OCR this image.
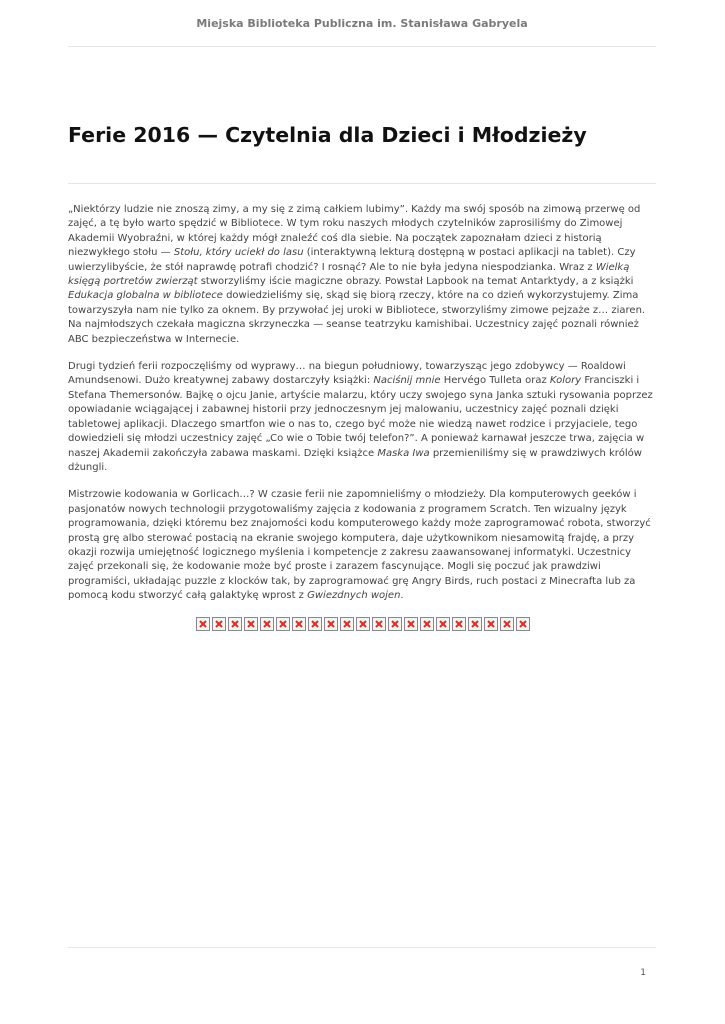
Miejska Biblioteka Publiczna im. Stanisława Gabryela
Ferie 2016 — Czytelnia dla Dzieci i Młodzieży

„Niektórzy ludzie nie znoszą zimy, a my się z zimą całkiem lubimy”. Każdy ma swój sposób na zimową przerwę od zajęć, a tę było warto spędzić w Bibliotece. W tym roku naszych młodych czytelników zaprosiliśmy do Zimowej Akademii Wyobraźni, w której każdy mógł znaleźć coś dla siebie. Na początek zapoznałam dzieci z historią niezwykłego stołu — Stołu, który uciekł do lasu (interaktywną lekturą dostępną w postaci aplikacji na tablet). Czy uwierzylibyście, że stół naprawdę potrafi chodzić? I rosnąć? Ale to nie była jedyna niespodzianka. Wraz z Wielką księgą portretów zwierząt stworzyliśmy iście magiczne obrazy. Powstał Lapbook na temat Antarktydy, a z książki Edukacja globalna w bibliotece dowiedzieliśmy się, skąd się biorą rzeczy, które na co dzień wykorzystujemy. Zima towarzyszyła nam nie tylko za oknem. By przywołać jej uroki w Bibliotece, stworzyliśmy zimowe pejzaże z… ziaren. Na najmłodszych czekała magiczna skrzyneczka — seanse teatrzyku kamishibai. Uczestnicy zajęć poznali również ABC bezpieczeństwa w Internecie.

Drugi tydzień ferii rozpoczęliśmy od wyprawy… na biegun południowy, towarzysząc jego zdobywcy — Roaldowi Amundsenowi. Dużo kreatywnej zabawy dostarczyły książki: Naciśnij mnie Hervégo Tulleta oraz Kolory Franciszki i Stefana Themersonów. Bajkę o ojcu Janie, artyście malarzu, który uczy swojego syna Janka sztuki rysowania poprzez opowiadanie wciągającej i zabawnej historii przy jednoczesnym jej malowaniu, uczestnicy zajęć poznali dzięki tabletowej aplikacji. Dlaczego smartfon wie o nas to, czego być może nie wiedzą nawet rodzice i przyjaciele, tego dowiedzieli się młodzi uczestnicy zajęć „Co wie o Tobie twój telefon?”. A ponieważ karnawał jeszcze trwa, zajęcia w naszej Akademii zakończyła zabawa maskami. Dzięki książce Maska Iwa przemieniliśmy się w prawdziwych królów dżungli.

Mistrzowie kodowania w Gorlicach…? W czasie ferii nie zapomnieliśmy o młodzieży. Dla komputerowych geeków i pasjonatów nowych technologii przygotowaliśmy zajęcia z kodowania z programem Scratch. Ten wizualny język programowania, dzięki któremu bez znajomości kodu komputerowego każdy może zaprogramować robota, stworzyć prostą grę albo sterować postacią na ekranie swojego komputera, daje użytkownikom niesamowitą frajdę, a przy okazji rozwija umiejętność logicznego myślenia i kompetencje z zakresu zaawansowanej informatyki. Uczestnicy zajęć przekonali się, że kodowanie może być proste i zarazem fascynujące. Mogli się poczuć jak prawdziwi programiści, układając puzzle z klocków tak, by zaprogramować grę Angry Birds, ruch postaci z Minecrafta lub za pomocą kodu stworzyć całą galaktykę wprost z Gwiezdnych wojen.

1
